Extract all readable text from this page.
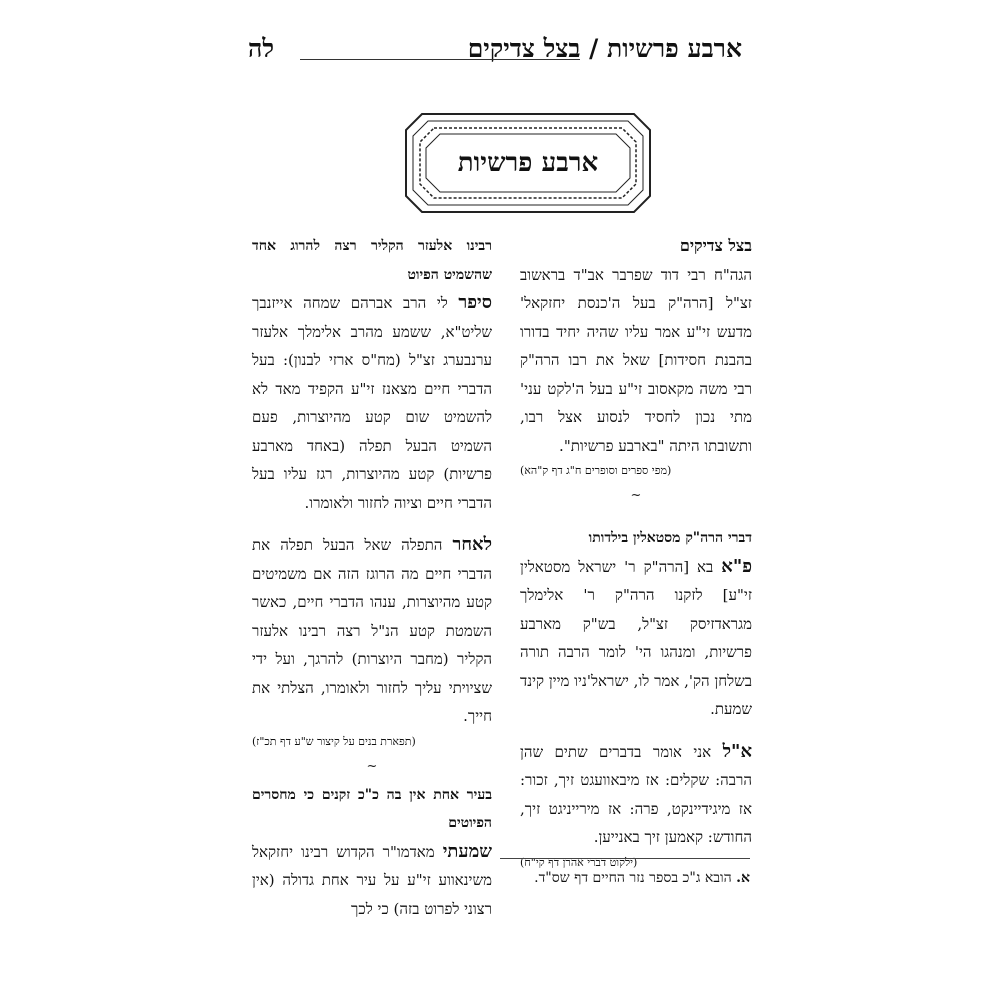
ארבע פרשיות / בצל צדיקים
לה
ארבע פרשיות

בצל צדיקים

הגה"ח רבי דוד שפרבר אב"ד בראשוב זצ"ל [הרה"ק בעל ה'כנסת יחזקאל' מדעש זי"ע אמר עליו שהיה יחיד בדורו בהבנת חסידות] שאל את רבו הרה"ק רבי משה מקאסוב זי"ע בעל ה'לקט עני' מתי נכון לחסיד לנסוע אצל רבו, ותשובתו היתה "בארבע פרשיות".

(מפי ספרים וסופרים ח"ג דף ק"הא)

~

דברי הרה"ק מסטאלין בילדותו

פ"א בא [הרה"ק ר' ישראל מסטאלין זי"ע] לזקנו הרה"ק ר' אלימלך מגראדזיסק זצ"ל, בש"ק מארבע פרשיות, ומנהגו הי' לומר הרבה תורה בשלחן הק', אמר לו, ישראל'ניו מיין קינד שמעת.

א"ל אני אומר בדברים שתים שהן הרבה: שקלים: אז מיבאוועגט זיך, זכור: אז מיגידיינקט, פרה: אז מירייניגט זיך, החודש: קאמען זיך באנייען.

(ילקוט דברי אהרן דף קי"ח)

רבינו אלעזר הקליר רצה להרוג אחד שהשמיט הפיוט

סיפר לי הרב אברהם שמחה אייזנבך שליט"א, ששמע מהרב אלימלך אלעזר ערנבערג זצ"ל (מח"ס ארזי לבנון): בעל הדברי חיים מצאנז זי"ע הקפיד מאד לא להשמיט שום קטע מהיוצרות, פעם השמיט הבעל תפלה (באחד מארבע פרשיות) קטע מהיוצרות, רגז עליו בעל הדברי חיים וציוה לחזור ולאומרו.

לאחר התפלה שאל הבעל תפלה את הדברי חיים מה הרוגז הזה אם משמיטים קטע מהיוצרות, ענהו הדברי חיים, כאשר השמטת קטע הנ"ל רצה רבינו אלעזר הקליר (מחבר היוצרות) להרגך, ועל ידי שציויתי עליך לחזור ולאומרו, הצלתי את חייך.

(תפארת בנים על קיצור ש"ע דף תכ"ז)

~

בעיר אחת אין בה כ"כ זקנים כי מחסרים הפיוטים

שמעתי מאדמו"ר הקדוש רבינו יחזקאל משינאווע זי"ע על עיר אחת גדולה (אין רצוני לפרוט בזה) כי לכך

א. הובא ג"כ בספר נזר החיים דף שס"ד.
